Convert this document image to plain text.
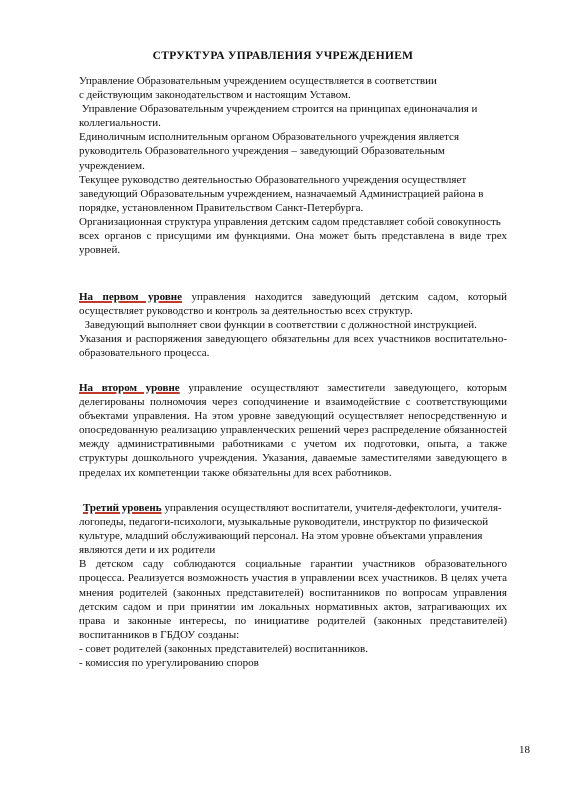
СТРУКТУРА УПРАВЛЕНИЯ УЧРЕЖДЕНИЕМ
Управление Образовательным учреждением осуществляется в соответствии
с действующим законодательством и настоящим Уставом.
Управление Образовательным учреждением строится на принципах единоначалия и
коллегиальности.
Единоличным исполнительным органом Образовательного учреждения является
руководитель Образовательного учреждения – заведующий Образовательным
учреждением.
Текущее руководство деятельностью Образовательного учреждения осуществляет
заведующий Образовательным учреждением, назначаемый Администрацией района в
порядке, установленном Правительством Санкт-Петербурга.
Организационная структура управления детским садом представляет собой совокупность
всех органов с присущими им функциями. Она может быть представлена в виде трех
уровней.
На первом уровне управления находится заведующий детским садом, который
осуществляет руководство и контроль за деятельностью всех структур.
Заведующий выполняет свои функции в соответствии с должностной инструкцией.
Указания и распоряжения заведующего обязательны для всех участников воспитательно-
образовательного процесса.
На втором уровне управление осуществляют заместители заведующего, которым
делегированы полномочия через соподчинение и взаимодействие с соответствующими
объектами управления. На этом уровне заведующий осуществляет непосредственную и
опосредованную реализацию управленческих решений через распределение обязанностей
между административными работниками с учетом их подготовки, опыта, а также
структуры дошкольного учреждения. Указания, даваемые заместителями заведующего в
пределах их компетенции также обязательны для всех работников.
Третий уровень управления осуществляют воспитатели, учителя-дефектологи, учителя-
логопеды, педагоги-психологи, музыкальные руководители, инструктор по физической
культуре, младший обслуживающий персонал. На этом уровне объектами управления
являются дети и их родители
В детском саду соблюдаются социальные гарантии участников образовательного
процесса. Реализуется возможность участия в управлении всех участников. В целях учета
мнения родителей (законных представителей) воспитанников по вопросам управления
детским садом и при принятии им локальных нормативных актов, затрагивающих их
права и законные интересы, по инициативе родителей (законных представителей)
воспитанников в ГБДОУ созданы:
- совет родителей (законных представителей) воспитанников.
- комиссия по урегулированию споров
18
